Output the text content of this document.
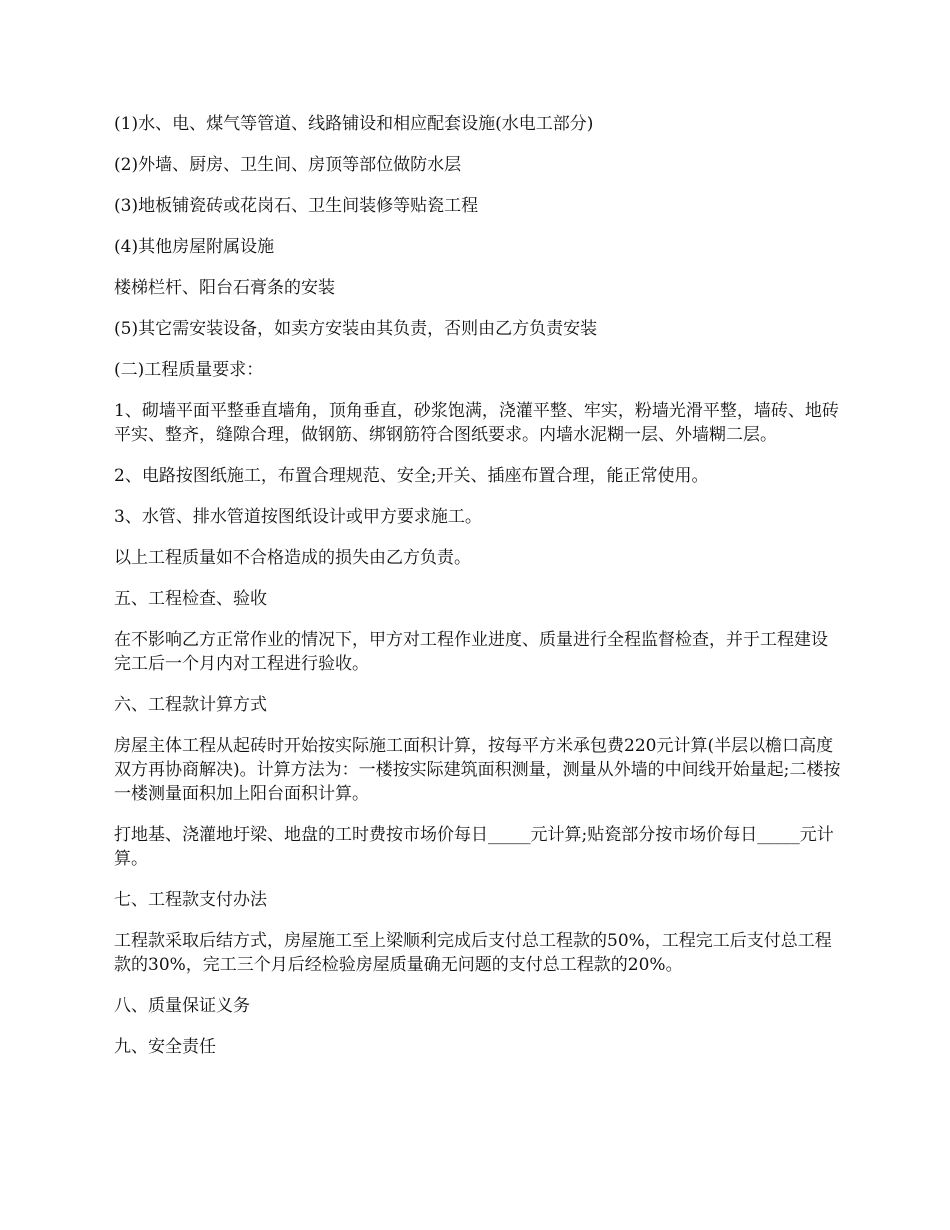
(1)水、电、煤气等管道、线路铺设和相应配套设施(水电工部分)

(2)外墙、厨房、卫生间、房顶等部位做防水层

(3)地板铺瓷砖或花岗石、卫生间装修等贴瓷工程

(4)其他房屋附属设施

楼梯栏杆、阳台石膏条的安装

(5)其它需安装设备，如卖方安装由其负责，否则由乙方负责安装

(二)工程质量要求：

1、砌墙平面平整垂直墙角，顶角垂直，砂浆饱满，浇灌平整、牢实，粉墙光滑平整，墙砖、地砖平实、整齐，缝隙合理，做钢筋、绑钢筋符合图纸要求。内墙水泥糊一层、外墙糊二层。

2、电路按图纸施工，布置合理规范、安全;开关、插座布置合理，能正常使用。

3、水管、排水管道按图纸设计或甲方要求施工。

以上工程质量如不合格造成的损失由乙方负责。

五、工程检查、验收

在不影响乙方正常作业的情况下，甲方对工程作业进度、质量进行全程监督检查，并于工程建设完工后一个月内对工程进行验收。

六、工程款计算方式

房屋主体工程从起砖时开始按实际施工面积计算，按每平方米承包费220元计算(半层以檐口高度双方再协商解决)。计算方法为：一楼按实际建筑面积测量，测量从外墙的中间线开始量起;二楼按一楼测量面积加上阳台面积计算。

打地基、浇灌地圩梁、地盘的工时费按市场价每日_____元计算;贴瓷部分按市场价每日_____元计算。

七、工程款支付办法

工程款采取后结方式，房屋施工至上梁顺利完成后支付总工程款的50%，工程完工后支付总工程款的30%，完工三个月后经检验房屋质量确无问题的支付总工程款的20%。

八、质量保证义务

九、安全责任
